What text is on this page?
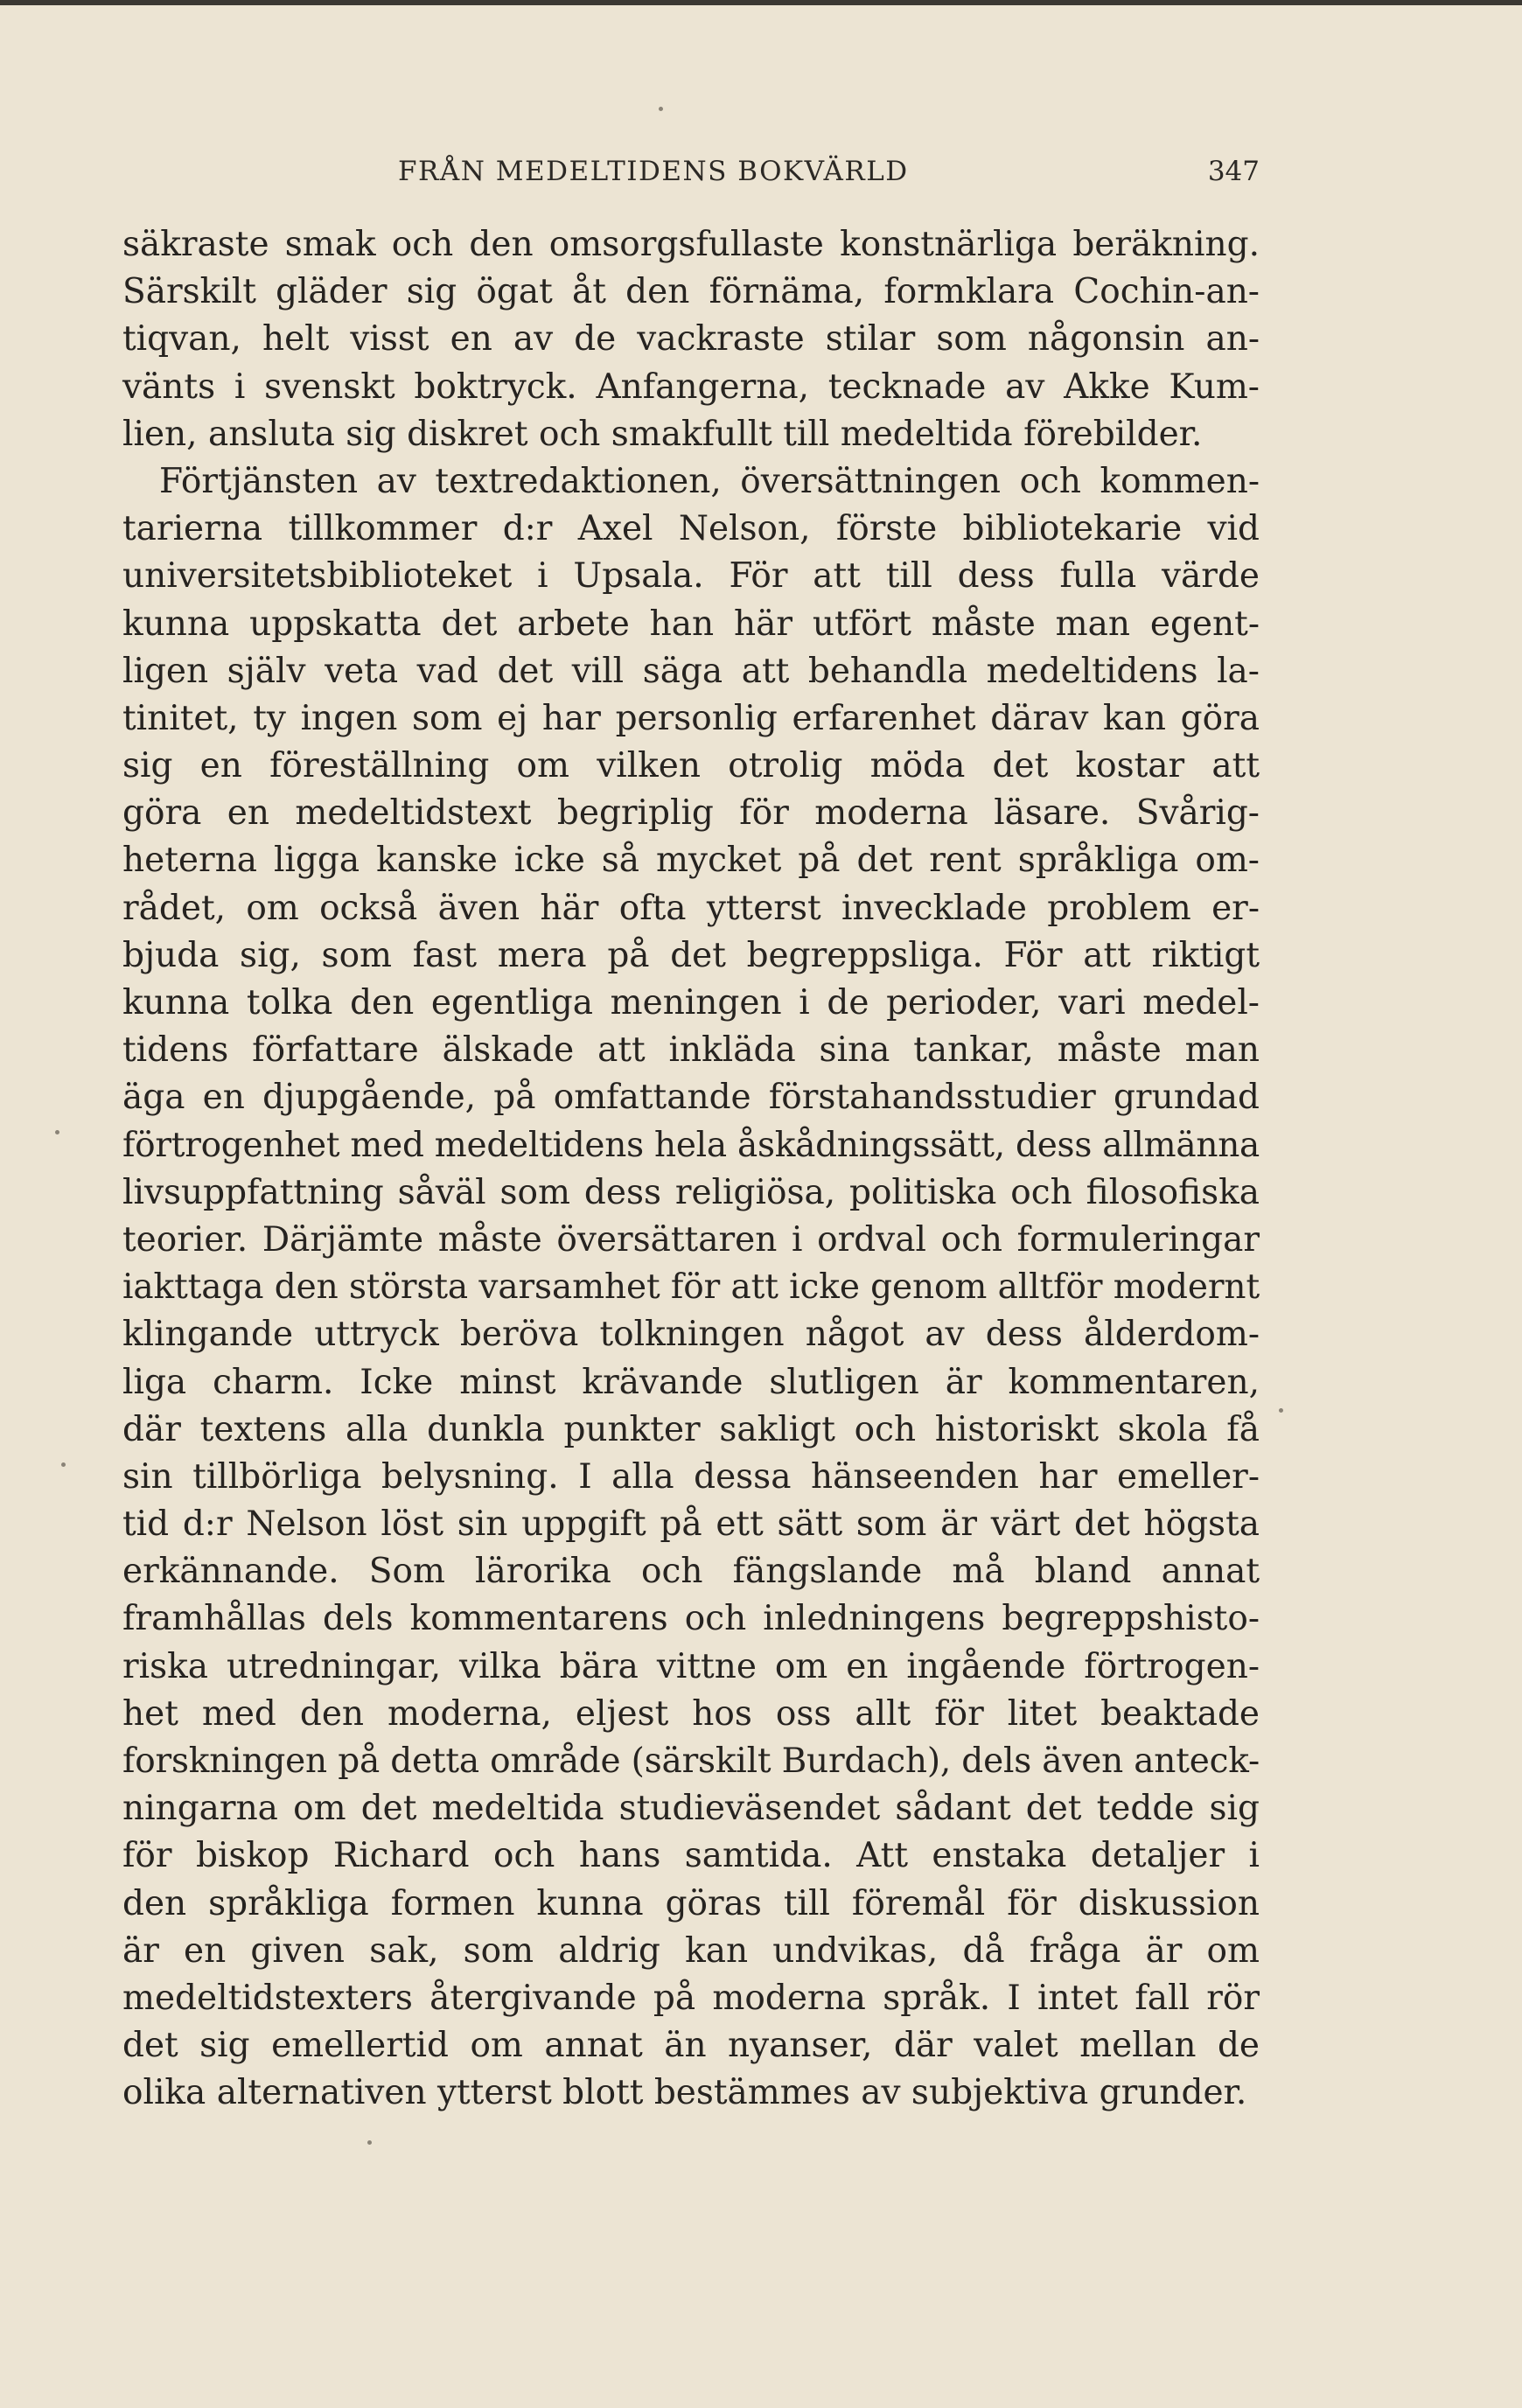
FRÅN MEDELTIDENS BOKVÄRLD	347
säkraste smak och den omsorgsfullaste konstnärliga beräkning.
Särskilt gläder sig ögat åt den förnäma, formklara Cochin-an-
tiqvan, helt visst en av de vackraste stilar som någonsin an-
vänts i svenskt boktryck. Anfangerna, tecknade av Akke Kum-
lien, ansluta sig diskret och smakfullt till medeltida förebilder.
Förtjänsten av textredaktionen, översättningen och kommen-
tarierna tillkommer d:r Axel Nelson, förste bibliotekarie vid
universitetsbiblioteket i Upsala. För att till dess fulla värde
kunna uppskatta det arbete han här utfört måste man egent-
ligen själv veta vad det vill säga att behandla medeltidens la-
tinitet, ty ingen som ej har personlig erfarenhet därav kan göra
sig en föreställning om vilken otrolig möda det kostar att
göra en medeltidstext begriplig för moderna läsare. Svårig-
heterna ligga kanske icke så mycket på det rent språkliga om-
rådet, om också även här ofta ytterst invecklade problem er-
bjuda sig, som fast mera på det begreppsliga. För att riktigt
kunna tolka den egentliga meningen i de perioder, vari medel-
tidens författare älskade att inkläda sina tankar, måste man
äga en djupgående, på omfattande förstahandsstudier grundad
förtrogenhet med medeltidens hela åskådningssätt, dess allmänna
livsuppfattning såväl som dess religiösa, politiska och filosofiska
teorier. Därjämte måste översättaren i ordval och formuleringar
iakttaga den största varsamhet för att icke genom alltför modernt
klingande uttryck beröva tolkningen något av dess ålderdom-
liga charm. Icke minst krävande slutligen är kommentaren,
där textens alla dunkla punkter sakligt och historiskt skola få
sin tillbörliga belysning. I alla dessa hänseenden har emeller-
tid d:r Nelson löst sin uppgift på ett sätt som är värt det högsta
erkännande. Som lärorika och fängslande må bland annat
framhållas dels kommentarens och inledningens begreppshisto-
riska utredningar, vilka bära vittne om en ingående förtrogen-
het med den moderna, eljest hos oss allt för litet beaktade
forskningen på detta område (särskilt Burdach), dels även anteck-
ningarna om det medeltida studieväsendet sådant det tedde sig
för biskop Richard och hans samtida. Att enstaka detaljer i
den språkliga formen kunna göras till föremål för diskussion
är en given sak, som aldrig kan undvikas, då fråga är om
medeltidstexters återgivande på moderna språk. I intet fall rör
det sig emellertid om annat än nyanser, där valet mellan de
olika alternativen ytterst blott bestämmes av subjektiva grunder.
